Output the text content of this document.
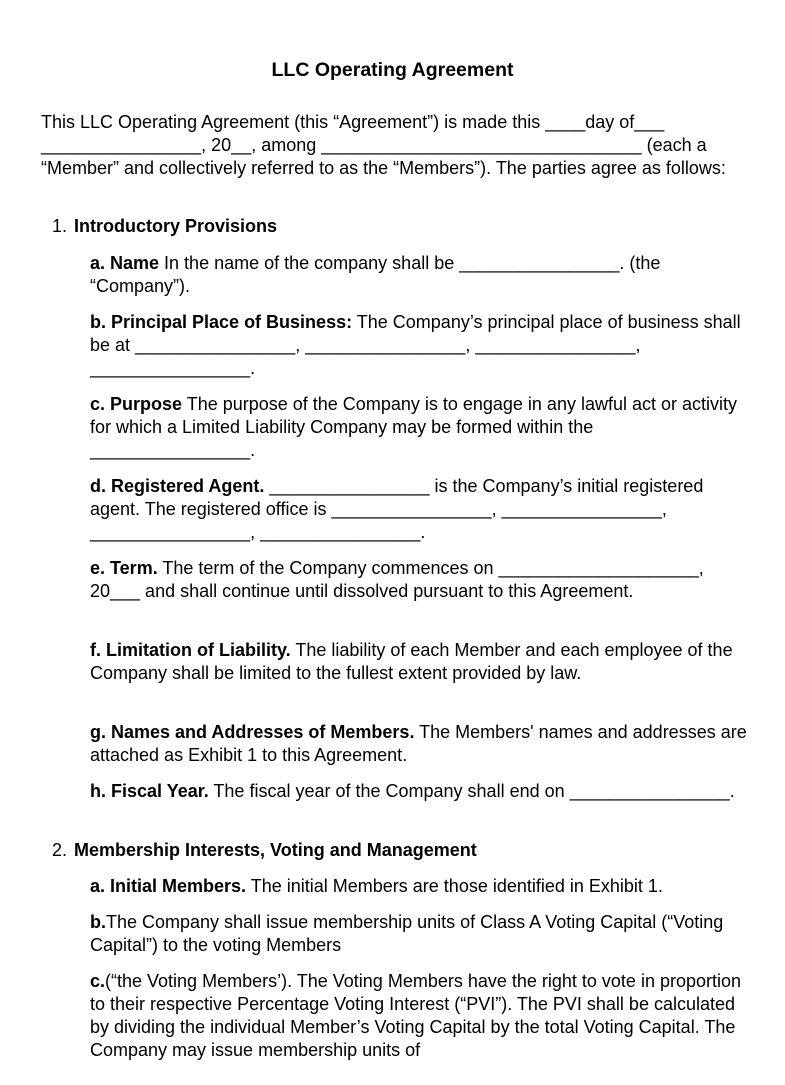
LLC Operating Agreement

This LLC Operating Agreement (this “Agreement”) is made this ____day of___ ________________, 20__, among ________________________________ (each a “Member” and collectively referred to as the “Members”). The parties agree as follows:

1. Introductory Provisions

a. Name In the name of the company shall be ________________. (the “Company”).

b. Principal Place of Business: The Company’s principal place of business shall be at ________________, ________________, ________________, ________________.

c. Purpose The purpose of the Company is to engage in any lawful act or activity for which a Limited Liability Company may be formed within the ________________.

d. Registered Agent. ________________ is the Company’s initial registered agent. The registered office is ________________, ________________, ________________, ________________.

e. Term. The term of the Company commences on ____________________, 20___ and shall continue until dissolved pursuant to this Agreement.

f. Limitation of Liability. The liability of each Member and each employee of the Company shall be limited to the fullest extent provided by law.

g. Names and Addresses of Members. The Members' names and addresses are attached as Exhibit 1 to this Agreement.

h. Fiscal Year. The fiscal year of the Company shall end on ________________.

2. Membership Interests, Voting and Management

a. Initial Members. The initial Members are those identified in Exhibit 1.

b.The Company shall issue membership units of Class A Voting Capital (“Voting Capital”) to the voting Members

c.(“the Voting Members’). The Voting Members have the right to vote in proportion to their respective Percentage Voting Interest (“PVI”). The PVI shall be calculated by dividing the individual Member’s Voting Capital by the total Voting Capital. The Company may issue membership units of
